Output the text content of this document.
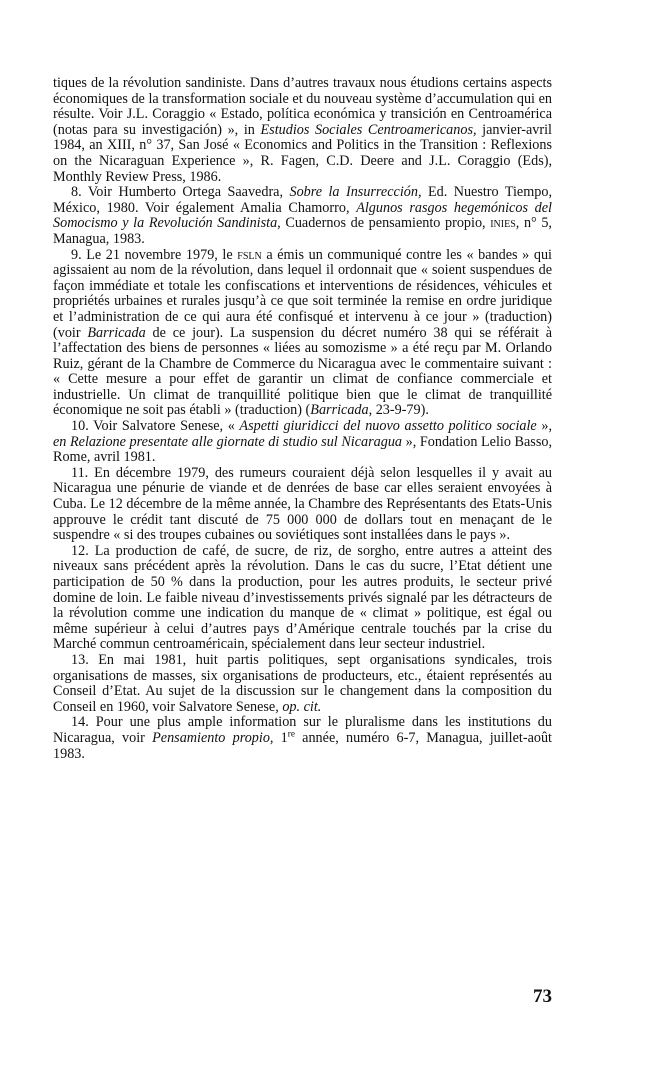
tiques de la révolution sandiniste. Dans d’autres travaux nous étudions certains aspects économiques de la transformation sociale et du nouveau système d’accumulation qui en résulte. Voir J.L. Coraggio « Estado, política económica y transición en Centroamérica (notas para su investigación) », in Estudios Sociales Centroamericanos, janvier-avril 1984, an XIII, n° 37, San José « Economics and Politics in the Transition : Reflexions on the Nicaraguan Experience », R. Fagen, C.D. Deere and J.L. Coraggio (Eds), Monthly Review Press, 1986.

8. Voir Humberto Ortega Saavedra, Sobre la Insurrección, Ed. Nuestro Tiempo, México, 1980. Voir également Amalia Chamorro, Algunos rasgos hegemónicos del Somocismo y la Revolución Sandinista, Cuadernos de pensamiento propio, inies, n° 5, Managua, 1983.

9. Le 21 novembre 1979, le fsln a émis un communiqué contre les « bandes » qui agissaient au nom de la révolution, dans lequel il ordonnait que « soient suspendues de façon immédiate et totale les confiscations et interventions de résidences, véhicules et propriétés urbaines et rurales jusqu’à ce que soit terminée la remise en ordre juridique et l’administration de ce qui aura été confisqué et intervenu à ce jour » (traduction) (voir Barricada de ce jour). La suspension du décret numéro 38 qui se référait à l’affectation des biens de personnes « liées au somozisme » a été reçu par M. Orlando Ruiz, gérant de la Chambre de Commerce du Nicaragua avec le commentaire suivant : « Cette mesure a pour effet de garantir un climat de confiance commerciale et industrielle. Un climat de tranquillité politique bien que le climat de tranquillité économique ne soit pas établi » (traduction) (Barricada, 23-9-79).

10. Voir Salvatore Senese, « Aspetti giuridicci del nuovo assetto politico sociale », en Relazione presentate alle giornate di studio sul Nicaragua », Fondation Lelio Basso, Rome, avril 1981.

11. En décembre 1979, des rumeurs couraient déjà selon lesquelles il y avait au Nicaragua une pénurie de viande et de denrées de base car elles seraient envoyées à Cuba. Le 12 décembre de la même année, la Chambre des Représentants des Etats-Unis approuve le crédit tant discuté de 75 000 000 de dollars tout en menaçant de le suspendre « si des troupes cubaines ou soviétiques sont installées dans le pays ».

12. La production de café, de sucre, de riz, de sorgho, entre autres a atteint des niveaux sans précédent après la révolution. Dans le cas du sucre, l’Etat détient une participation de 50 % dans la production, pour les autres produits, le secteur privé domine de loin. Le faible niveau d’investissements privés signalé par les détracteurs de la révolution comme une indication du manque de « climat » politique, est égal ou même supérieur à celui d’autres pays d’Amérique centrale touchés par la crise du Marché commun centroaméricain, spécialement dans leur secteur industriel.

13. En mai 1981, huit partis politiques, sept organisations syndicales, trois organisations de masses, six organisations de producteurs, etc., étaient représentés au Conseil d’Etat. Au sujet de la discussion sur le changement dans la composition du Conseil en 1960, voir Salvatore Senese, op. cit.

14. Pour une plus ample information sur le pluralisme dans les institutions du Nicaragua, voir Pensamiento propio, 1re année, numéro 6-7, Managua, juillet-août 1983.

73
